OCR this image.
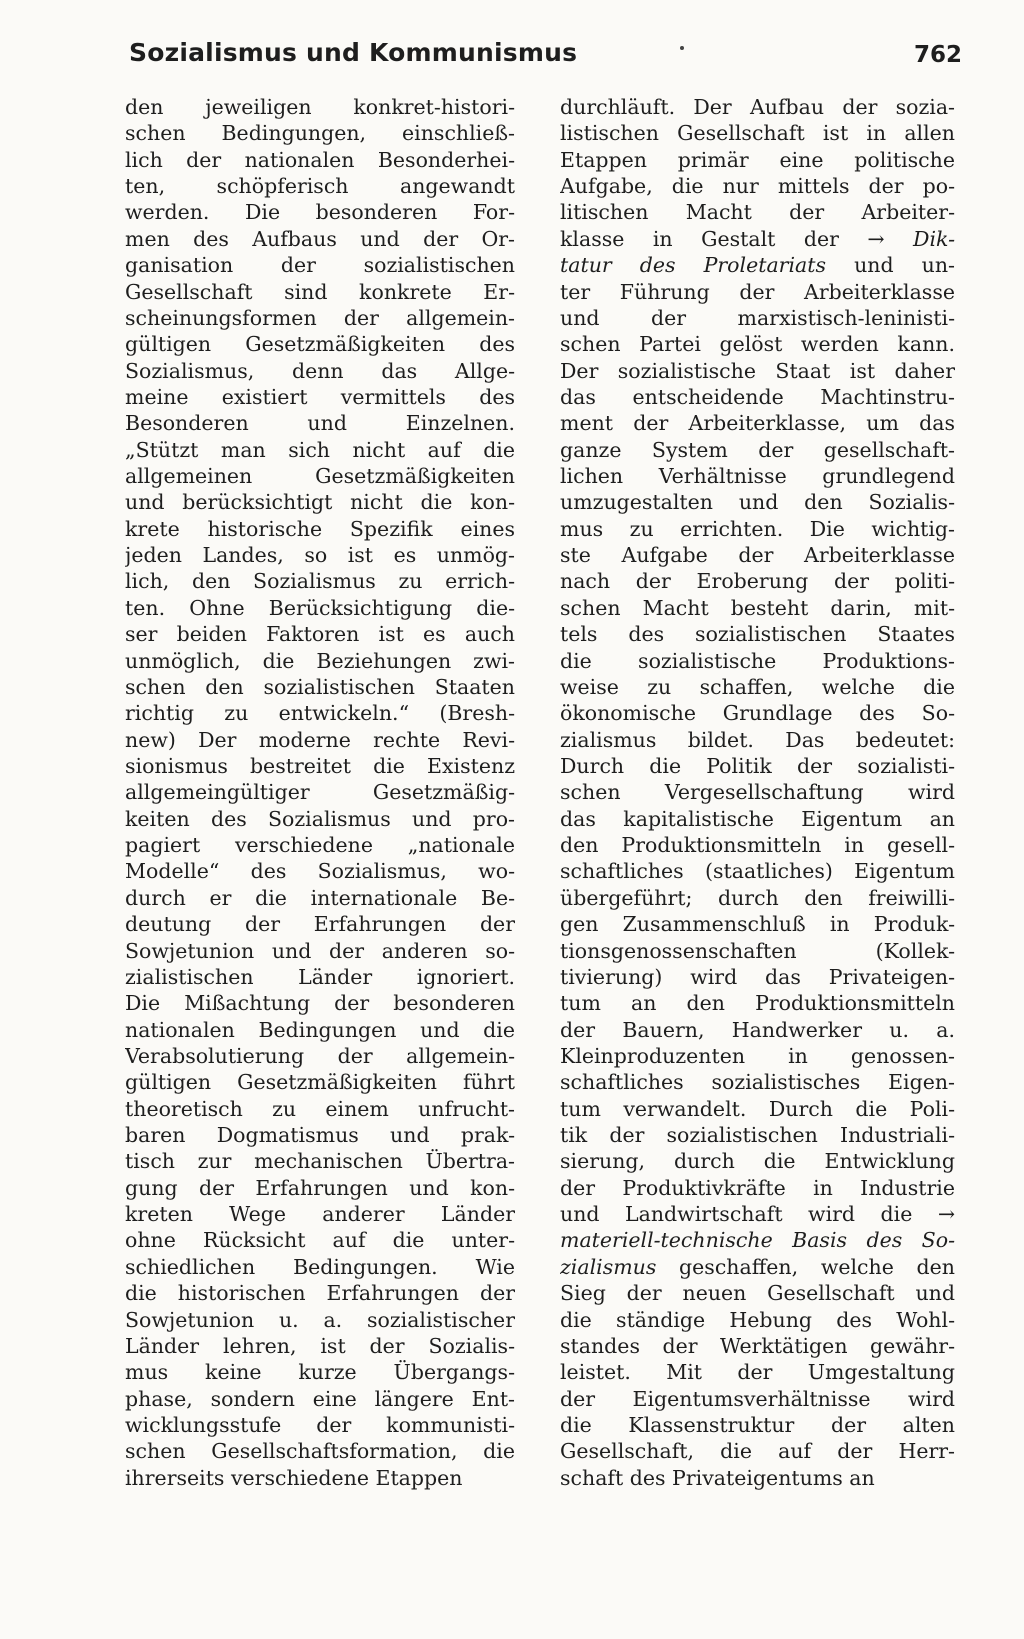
Sozialismus und Kommunismus	762
den jeweiligen konkret-histori-
schen Bedingungen, einschließ-
lich der nationalen Besonderhei-
ten, schöpferisch angewandt
werden. Die besonderen For-
men des Aufbaus und der Or-
ganisation der sozialistischen
Gesellschaft sind konkrete Er-
scheinungsformen der allgemein-
gültigen Gesetzmäßigkeiten des
Sozialismus, denn das Allge-
meine existiert vermittels des
Besonderen und Einzelnen.
„Stützt man sich nicht auf die
allgemeinen Gesetzmäßigkeiten
und berücksichtigt nicht die kon-
krete historische Spezifik eines
jeden Landes, so ist es unmög-
lich, den Sozialismus zu errich-
ten. Ohne Berücksichtigung die-
ser beiden Faktoren ist es auch
unmöglich, die Beziehungen zwi-
schen den sozialistischen Staaten
richtig zu entwickeln.“ (Bresh-
new) Der moderne rechte Revi-
sionismus bestreitet die Existenz
allgemeingültiger Gesetzmäßig-
keiten des Sozialismus und pro-
pagiert verschiedene „nationale
Modelle“ des Sozialismus, wo-
durch er die internationale Be-
deutung der Erfahrungen der
Sowjetunion und der anderen so-
zialistischen Länder ignoriert.
Die Mißachtung der besonderen
nationalen Bedingungen und die
Verabsolutierung der allgemein-
gültigen Gesetzmäßigkeiten führt
theoretisch zu einem unfrucht-
baren Dogmatismus und prak-
tisch zur mechanischen Übertra-
gung der Erfahrungen und kon-
kreten Wege anderer Länder
ohne Rücksicht auf die unter-
schiedlichen Bedingungen. Wie
die historischen Erfahrungen der
Sowjetunion u. a. sozialistischer
Länder lehren, ist der Sozialis-
mus keine kurze Übergangs-
phase, sondern eine längere Ent-
wicklungsstufe der kommunisti-
schen Gesellschaftsformation, die
ihrerseits verschiedene Etappen
durchläuft. Der Aufbau der sozia-
listischen Gesellschaft ist in allen
Etappen primär eine politische
Aufgabe, die nur mittels der po-
litischen Macht der Arbeiter-
klasse in Gestalt der → Dik-
tatur des Proletariats und un-
ter Führung der Arbeiterklasse
und der marxistisch-leninisti-
schen Partei gelöst werden kann.
Der sozialistische Staat ist daher
das entscheidende Machtinstru-
ment der Arbeiterklasse, um das
ganze System der gesellschaft-
lichen Verhältnisse grundlegend
umzugestalten und den Sozialis-
mus zu errichten. Die wichtig-
ste Aufgabe der Arbeiterklasse
nach der Eroberung der politi-
schen Macht besteht darin, mit-
tels des sozialistischen Staates
die sozialistische Produktions-
weise zu schaffen, welche die
ökonomische Grundlage des So-
zialismus bildet. Das bedeutet:
Durch die Politik der sozialisti-
schen Vergesellschaftung wird
das kapitalistische Eigentum an
den Produktionsmitteln in gesell-
schaftliches (staatliches) Eigentum
übergeführt; durch den freiwilli-
gen Zusammenschluß in Produk-
tionsgenossenschaften (Kollek-
tivierung) wird das Privateigen-
tum an den Produktionsmitteln
der Bauern, Handwerker u. a.
Kleinproduzenten in genossen-
schaftliches sozialistisches Eigen-
tum verwandelt. Durch die Poli-
tik der sozialistischen Industriali-
sierung, durch die Entwicklung
der Produktivkräfte in Industrie
und Landwirtschaft wird die →
materiell-technische Basis des So-
zialismus geschaffen, welche den
Sieg der neuen Gesellschaft und
die ständige Hebung des Wohl-
standes der Werktätigen gewähr-
leistet. Mit der Umgestaltung
der Eigentumsverhältnisse wird
die Klassenstruktur der alten
Gesellschaft, die auf der Herr-
schaft des Privateigentums an
